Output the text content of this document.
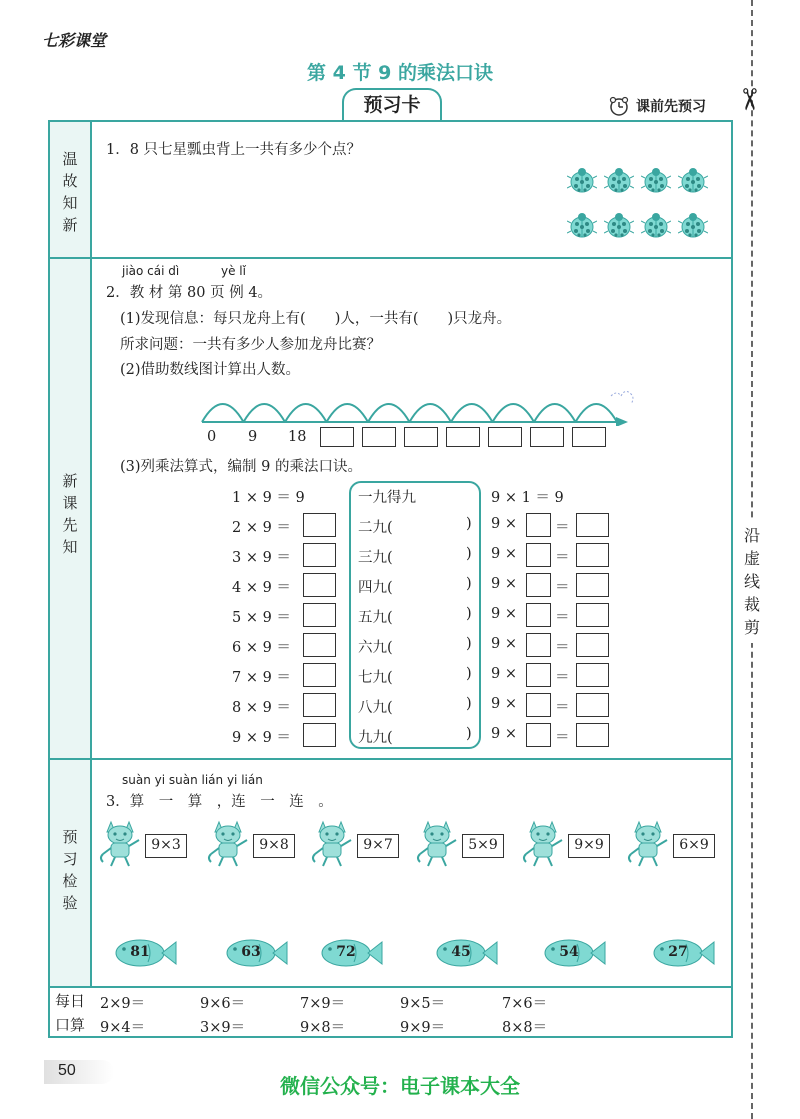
沿虚线裁剪
✂
七彩课堂
第 4 节 9 的乘法口诀
预习卡	课前先预习
温
故
知
新
新
课
先
知
预
习
检
验
每日
口算
1．8 只七星瓢虫背上一共有多少个点？
jiào cái dì	yè lǐ
2．教 材 第 80 页 例 4。
(1)发现信息：每只龙舟上有(　　)人，一共有(　　)只龙舟。
所求问题：一共有多少人参加龙舟比赛？
(2)借助数线图计算出人数。
0 9 18
(3)列乘法算式，编制 9 的乘法口诀。
suàn yi suàn lián yi lián
3．算　一　算　，连　一　连　。
50
微信公众号：电子课本大全
1 × 9 ＝ 9	一九得九	9 × 1 ＝ 9
2 × 9 ＝	二九(	) 9 ×	＝
3 × 9 ＝	三九(	) 9 ×	＝
4 × 9 ＝	四九(	) 9 ×	＝
5 × 9 ＝	五九(	) 9 ×	＝
6 × 9 ＝	六九(	) 9 ×	＝
7 × 9 ＝	七九(	) 9 ×	＝
8 × 9 ＝	八九(	) 9 ×	＝
9 × 9 ＝	九九(	) 9 ×	＝
9×3	9×8	9×7	5×9	9×9	6×9
81	63	72	45	54	27
2×9＝	9×6＝	7×9＝	9×5＝	7×6＝
9×4＝	3×9＝	9×8＝	9×9＝	8×8＝
